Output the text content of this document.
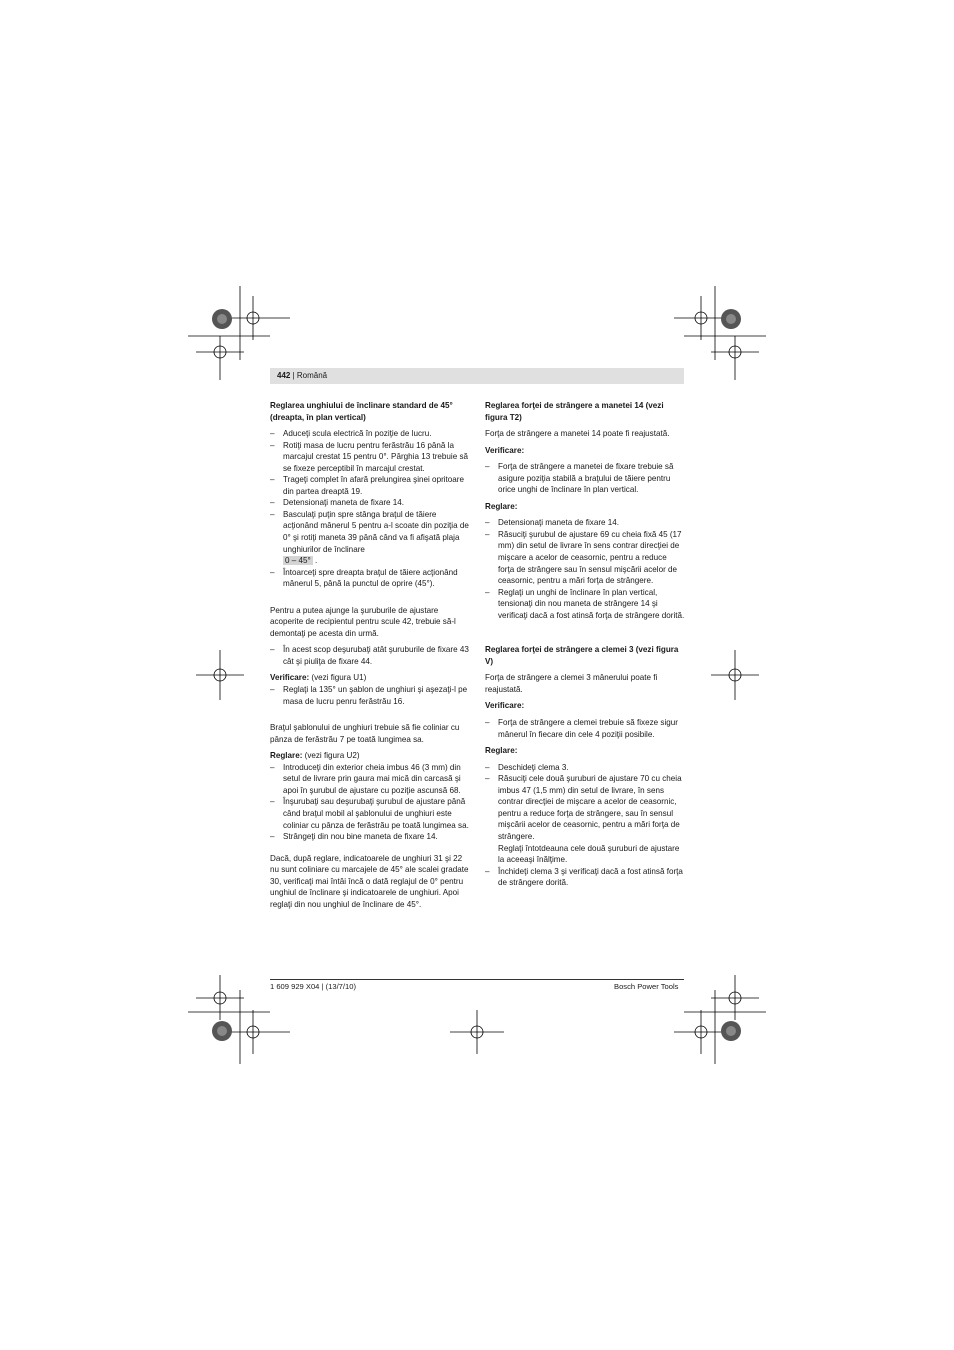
442 | Română
Reglarea unghiului de înclinare standard de 45° (dreapta, în plan vertical)
– Aduceţi scula electrică în poziţie de lucru.
– Rotiţi masa de lucru pentru ferăstrău 16 până la marcajul crestat 15 pentru 0°. Pârghia 13 trebuie să se fixeze perceptibil în marcajul crestat.
– Trageţi complet în afară prelungirea şinei opritoare din partea dreaptă 19.
– Detensionaţi maneta de fixare 14.
– Basculaţi puţin spre stânga braţul de tăiere acţionând mânerul 5 pentru a-l scoate din poziţia de 0° şi rotiţi maneta 39 până când va fi afişată plaja unghiurilor de înclinare
0 – 45° .
– Întoarceţi spre dreapta braţul de tăiere acţionând mânerul 5, până la punctul de oprire (45°).

Pentru a putea ajunge la şuruburile de ajustare acoperite de recipientul pentru scule 42, trebuie să-l demontaţi pe acesta din urmă.

– În acest scop deşurubaţi atât şuruburile de fixare 43 cât şi piuliţa de fixare 44.

Verificare: (vezi figura U1)

– Reglaţi la 135° un şablon de unghiuri şi aşezaţi-l pe masa de lucru penru ferăstrău 16.

Braţul şablonului de unghiuri trebuie să fie coliniar cu pânza de ferăstrău 7 pe toată lungimea sa.

Reglare: (vezi figura U2)

– Introduceţi din exterior cheia imbus 46 (3 mm) din setul de livrare prin gaura mai mică din carcasă şi apoi în şurubul de ajustare cu poziţie ascunsă 68.
– Înşurubaţi sau deşurubaţi şurubul de ajustare până când braţul mobil al şablonului de unghiuri este coliniar cu pânza de ferăstrău pe toată lungimea sa.
– Strângeţi din nou bine maneta de fixare 14.

Dacă, după reglare, indicatoarele de unghiuri 31 şi 22 nu sunt coliniare cu marcajele de 45° ale scalei gradate 30, verificaţi mai întâi încă o dată reglajul de 0° pentru unghiul de înclinare şi indicatoarele de unghiuri. Apoi reglaţi din nou unghiul de înclinare de 45°.

Reglarea forţei de strângere a manetei 14 (vezi figura T2)

Forţa de strângere a manetei 14 poate fi reajustată.

Verificare:
– Forţa de strângere a manetei de fixare trebuie să asigure poziţia stabilă a braţului de tăiere pentru orice unghi de înclinare în plan vertical.
Reglare:
– Detensionaţi maneta de fixare 14.
– Răsuciţi şurubul de ajustare 69 cu cheia fixă 45 (17 mm) din setul de livrare în sens contrar direcţiei de mişcare a acelor de ceasornic, pentru a reduce forţa de strângere sau în sensul mişcării acelor de ceasornic, pentru a mări forţa de strângere.
– Reglaţi un unghi de înclinare în plan vertical, tensionaţi din nou maneta de strângere 14 şi verificaţi dacă a fost atinsă forţa de strângere dorită.
Reglarea forţei de strângere a clemei 3 (vezi figura V)

Forţa de strângere a clemei 3 mânerului poate fi reajustată.

Verificare:
– Forţa de strângere a clemei trebuie să fixeze sigur mânerul în fiecare din cele 4 poziţii posibile.
Reglare:
– Deschideţi clema 3.
– Răsuciţi cele două şuruburi de ajustare 70 cu cheia imbus 47 (1,5 mm) din setul de livrare, în sens contrar direcţiei de mişcare a acelor de ceasornic, pentru a reduce forţa de strângere, sau în sensul mişcării acelor de ceasornic, pentru a mări forţa de strângere.
Reglaţi întotdeauna cele două şuruburi de ajustare la aceeaşi înălţime.
– Închideţi clema 3 şi verificaţi dacă a fost atinsă forţa de strângere dorită.
1 609 929 X04 | (13/7/10)	Bosch Power Tools
